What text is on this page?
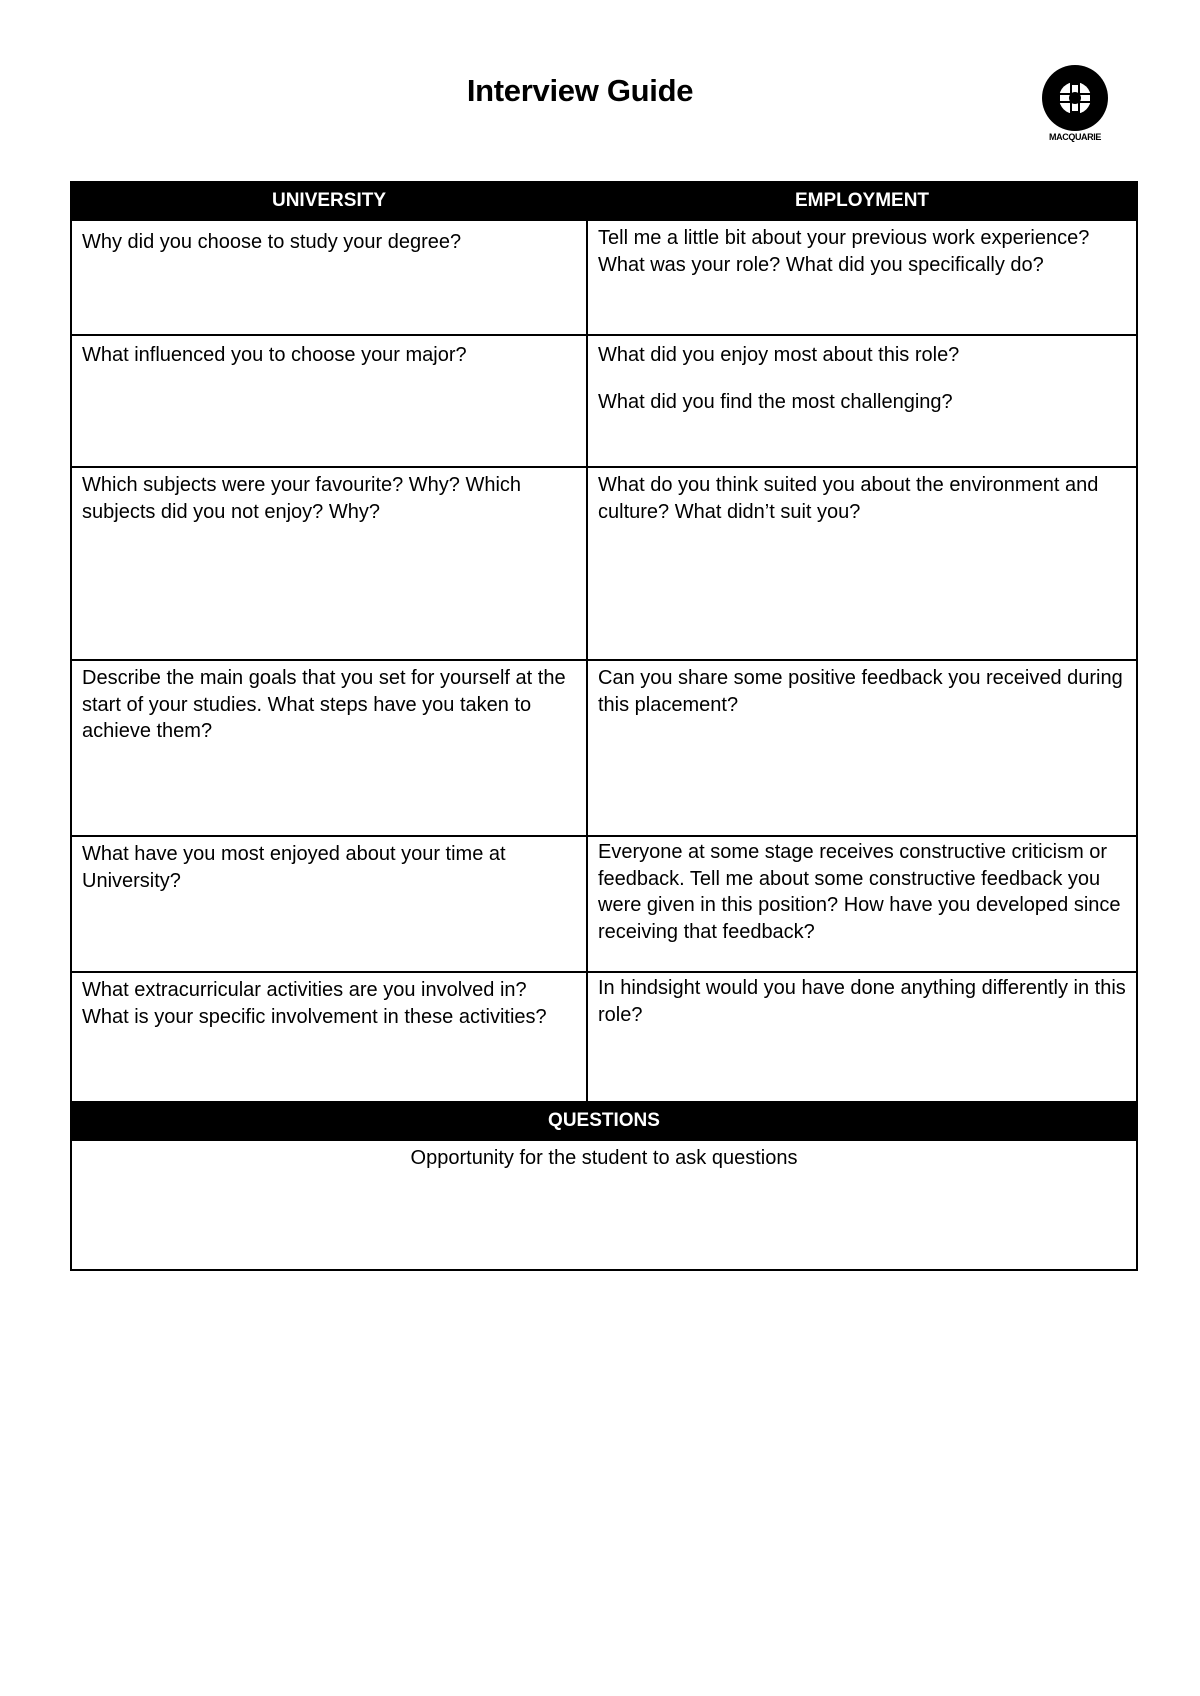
Interview Guide
MACQUARIE
UNIVERSITY	EMPLOYMENT

Why did you choose to study your degree?	Tell me a little bit about your previous work experience? What was your role? What did you specifically do?

What influenced you to choose your major?	What did you enjoy most about this role?
What did you find the most challenging?

Which subjects were your favourite? Why? Which subjects did you not enjoy? Why?	What do you think suited you about the environment and culture? What didn’t suit you?

Describe the main goals that you set for yourself at the start of your studies. What steps have you taken to achieve them?	Can you share some positive feedback you received during this placement?

What have you most enjoyed about your time at University?	Everyone at some stage receives constructive criticism or feedback. Tell me about some constructive feedback you were given in this position? How have you developed since receiving that feedback?

What extracurricular activities are you involved in? What is your specific involvement in these activities?	In hindsight would you have done anything differently in this role?

QUESTIONS	
Opportunity for the student to ask questions	
